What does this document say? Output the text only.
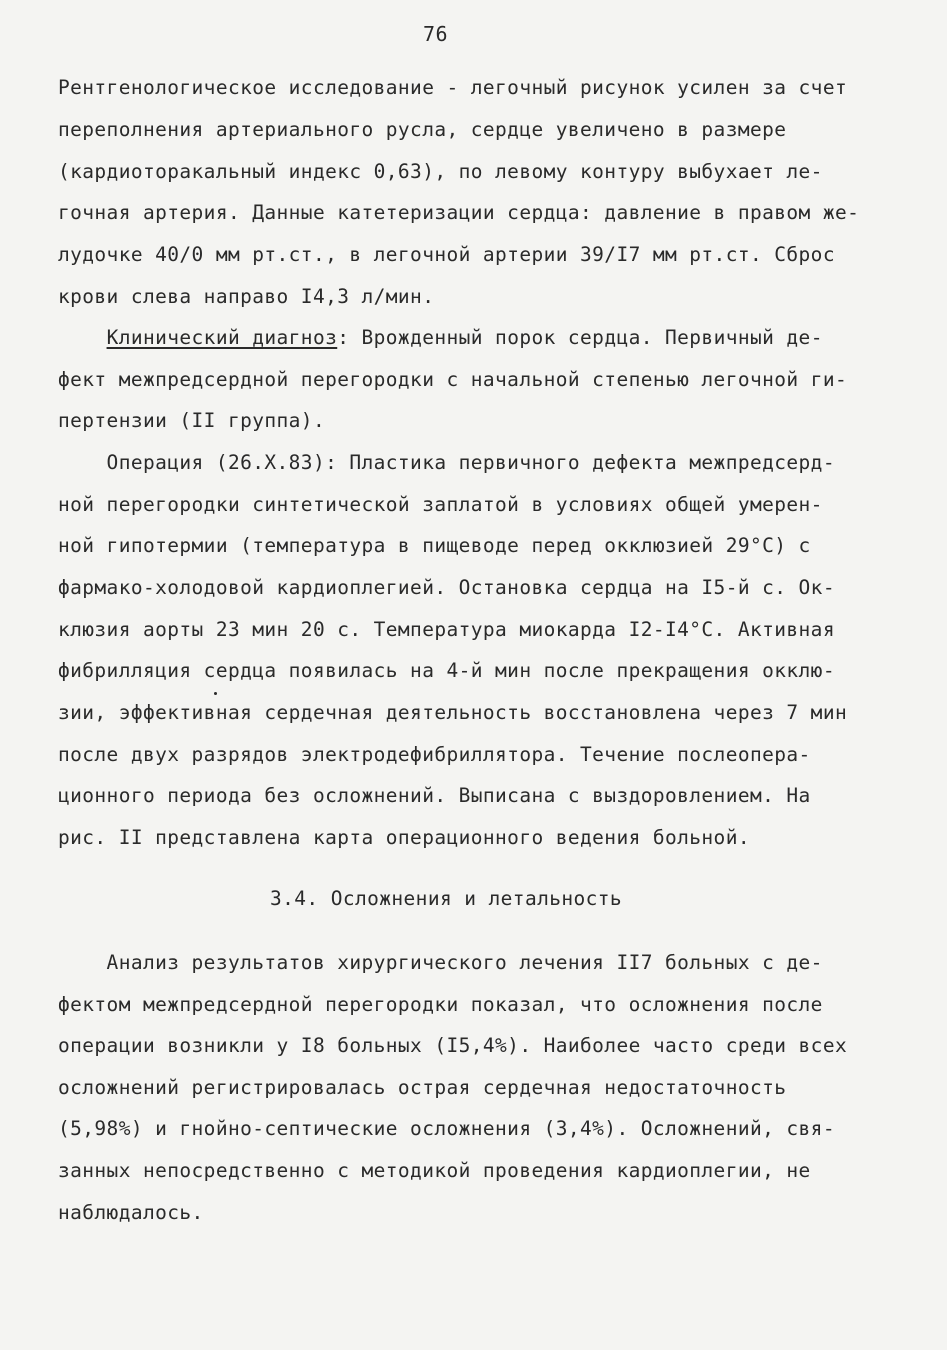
76
Рентгенологическое исследование - легочный рисунок усилен за счет
переполнения артериального русла, сердце увеличено в размере
(кардиоторакальный индекс 0,63), по левому контуру выбухает ле-
гочная артерия. Данные катетеризации сердца: давление в правом же-
лудочке 40/0 мм рт.ст., в легочной артерии 39/I7 мм рт.ст. Сброс
крови слева направо I4,3 л/мин.
Клинический диагноз: Врожденный порок сердца. Первичный де-
фект межпредсердной перегородки с начальной степенью легочной ги-
пертензии (II группа).
Операция (26.X.83): Пластика первичного дефекта межпредсерд-
ной перегородки синтетической заплатой в условиях общей умерен-
ной гипотермии (температура в пищеводе перед окклюзией 29°C) с
фармако-холодовой кардиоплегией. Остановка сердца на I5-й с. Ок-
клюзия аорты 23 мин 20 с. Температура миокарда I2-I4°C. Активная
фибрилляция сердца появилась на 4-й мин после прекращения окклю-
зии, эффективная сердечная деятельность восстановлена через 7 мин
после двух разрядов электродефибриллятора. Течение послеопера-
ционного периода без осложнений. Выписана с выздоровлением. На
рис. II представлена карта операционного ведения больной.
3.4. Осложнения и летальность
Анализ результатов хирургического лечения II7 больных с де-
фектом межпредсердной перегородки показал, что осложнения после
операции возникли у I8 больных (I5,4%). Наиболее часто среди всех
осложнений регистрировалась острая сердечная недостаточность
(5,98%) и гнойно-септические осложнения (3,4%). Осложнений, свя-
занных непосредственно с методикой проведения кардиоплегии, не
наблюдалось.
